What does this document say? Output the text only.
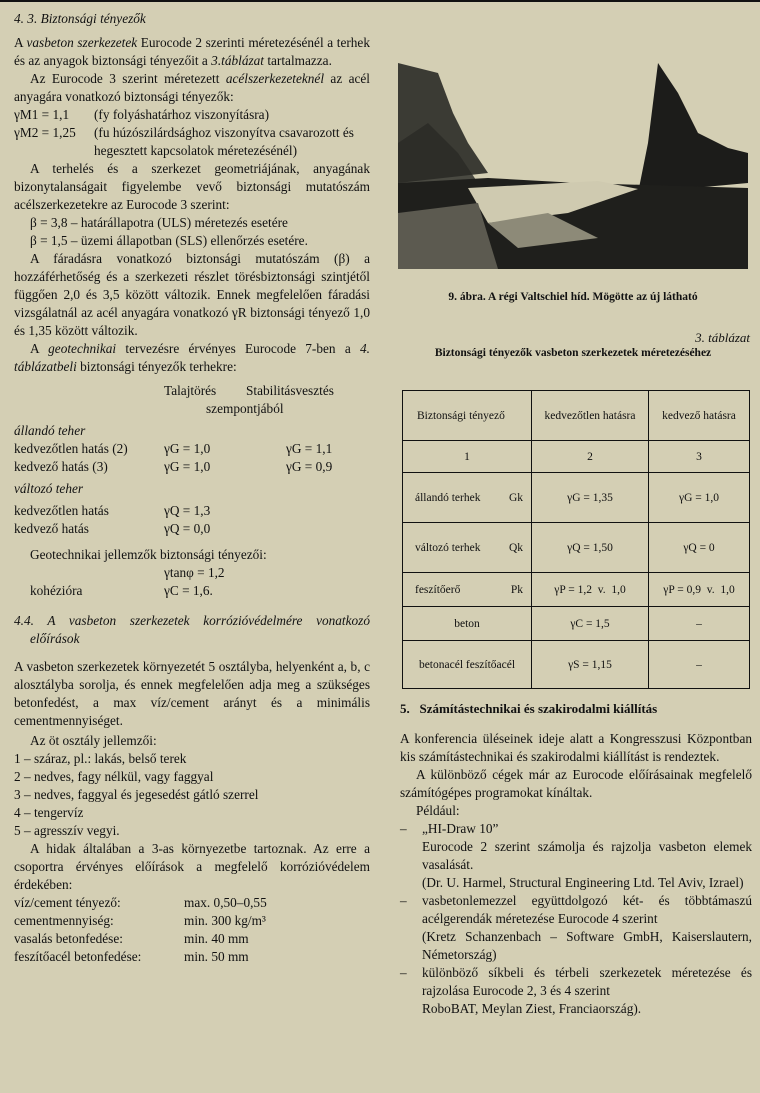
4. 3. Biztonsági tényezők

A vasbeton szerkezetek Eurocode 2 szerinti méretezésénél a terhek és az anyagok biztonsági tényezőit a 3.táblázat tartalmazza.

Az Eurocode 3 szerint méretezett acélszerkezeteknél az acél anyagára vonatkozó biztonsági tényezők:

γM1 = 1,1	(fy folyáshatárhoz viszonyításra)
γM2 = 1,25	(fu húzószilárdsághoz viszonyítva csavarozott és hegesztett kapcsolatok méretezésénél)

A terhelés és a szerkezet geometriájának, anyagának bizonytalanságait figyelembe vevő biztonsági mutatószám acélszerkezetekre az Eurocode 3 szerint:

β = 3,8 – határállapotra (ULS) méretezés esetére

β = 1,5 – üzemi állapotban (SLS) ellenőrzés esetére.

A fáradásra vonatkozó biztonsági mutatószám (β) a hozzáférhetőség és a szerkezeti részlet törésbiztonsági szintjétől függően 2,0 és 3,5 között változik. Ennek megfelelően fáradási vizsgálatnál az acél anyagára vonatkozó γR biztonsági tényező 1,0 és 1,35 között változik.

A geotechnikai tervezésre érvényes Eurocode 7-ben a 4. táblázatbeli biztonsági tényezők terhekre:

Talajtörés	Stabilitásvesztés
szempontjából
állandó teher
kedvezőtlen hatás (2)	γG = 1,0	γG = 1,1
kedvező hatás (3)	γG = 1,0	γG = 0,9
változó teher
kedvezőtlen hatás	γQ = 1,3
kedvező hatás	γQ = 0,0

Geotechnikai jellemzők biztonsági tényezői:

γtanφ = 1,2
kohézióra	γC = 1,6.

4.4. A vasbeton szerkezetek korrózióvédelmére vonatkozó előírások

A vasbeton szerkezetek környezetét 5 osztályba, helyenként a, b, c alosztályba sorolja, és ennek megfelelően adja meg a szükséges betonfedést, a max víz/cement arányt és a minimális cementmennyiséget.

Az öt osztály jellemzői:

1 – száraz, pl.: lakás, belső terek

2 – nedves, fagy nélkül, vagy faggyal

3 – nedves, faggyal és jegesedést gátló szerrel

4 – tengervíz

5 – agresszív vegyi.

A hidak általában a 3-as környezetbe tartoznak. Az erre a csoportra érvényes előírások a megfelelő korrózióvédelem érdekében:

víz/cement tényező:	max. 0,50–0,55
cementmennyiség:	min. 300 kg/m³
vasalás betonfedése:	min. 40 mm
feszítőacél betonfedése:	min. 50 mm
9. ábra. A régi Valtschiel híd. Mögötte az új látható
3. táblázat
Biztonsági tényezők vasbeton szerkezetek méretezéséhez
Biztonsági tényező	kedvezőtlen hatásra	kedvező hatásra
1	2	3

állandó terhek Gk	γG = 1,35	γG = 1,0

változó terhek Qk	γQ = 1,50	γQ = 0

feszítőerő Pk	γP = 1,2  v.  1,0	γP = 0,9  v.  1,0
beton	γC = 1,5	–
betonacél feszítőacél	γS = 1,15	–

5.   Számítástechnikai és szakirodalmi kiállítás

A konferencia üléseinek ideje alatt a Kongresszusi Központban kis számítástechnikai és szakirodalmi kiállítást is rendeztek.

A különböző cégek már az Eurocode előírásainak megfelelő számítógépes programokat kínáltak.

Például:

–	„HI-Draw 10”

Eurocode 2 szerint számolja és rajzolja vasbeton elemek vasalását.

(Dr. U. Harmel, Structural Engineering Ltd. Tel Aviv, Izrael)

–	vasbetonlemezzel együttdolgozó két- és többtámaszú acélgerendák méretezése Eurocode 4 szerint

(Kretz Schanzenbach – Software GmbH, Kaiserslautern, Németország)

–	különböző síkbeli és térbeli szerkezetek méretezése és rajzolása Eurocode 2, 3 és 4 szerint

RoboBAT, Meylan Ziest, Franciaország).
